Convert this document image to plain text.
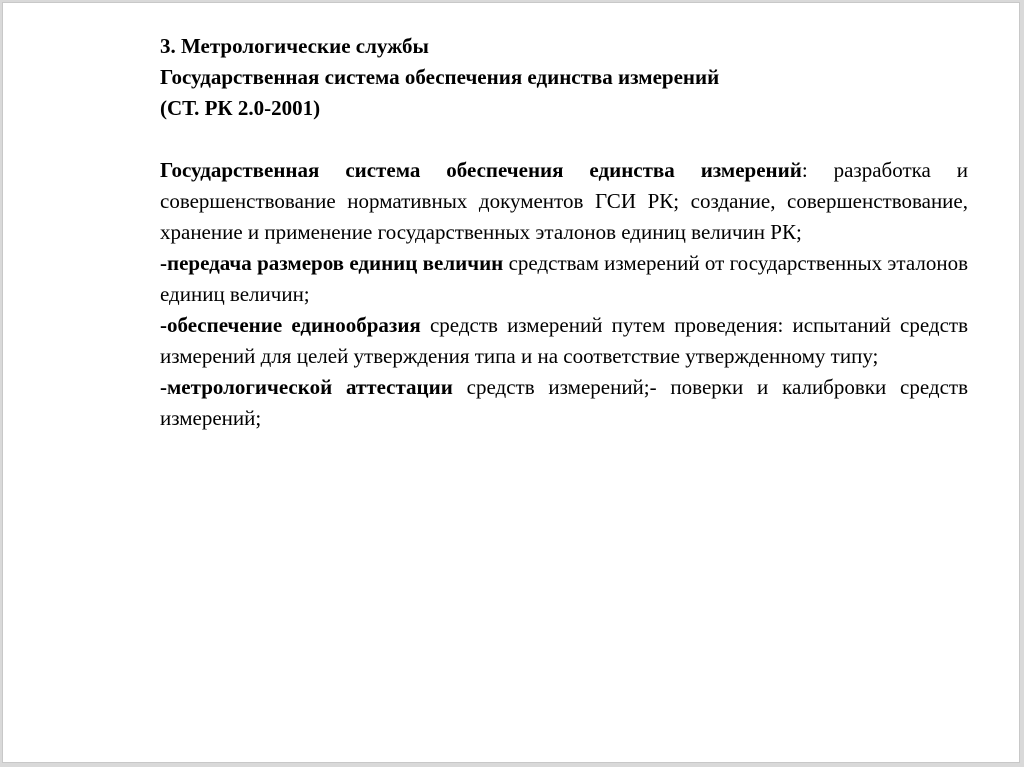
3. Метрологические службы

Государственная система обеспечения единства измерений

(СТ. РК 2.0-2001)

Государственная система обеспечения единства измерений: разработка и совершенствование нормативных документов ГСИ РК; создание, совершенствование, хранение и применение государственных эталонов единиц величин РК;

-передача размеров единиц величин средствам измерений от государственных эталонов единиц величин;

-обеспечение единообразия средств измерений путем проведения: испытаний средств измерений для целей утверждения типа и на соответствие утвержденному типу;

-метрологической аттестации средств измерений;- поверки и калибровки средств измерений;
